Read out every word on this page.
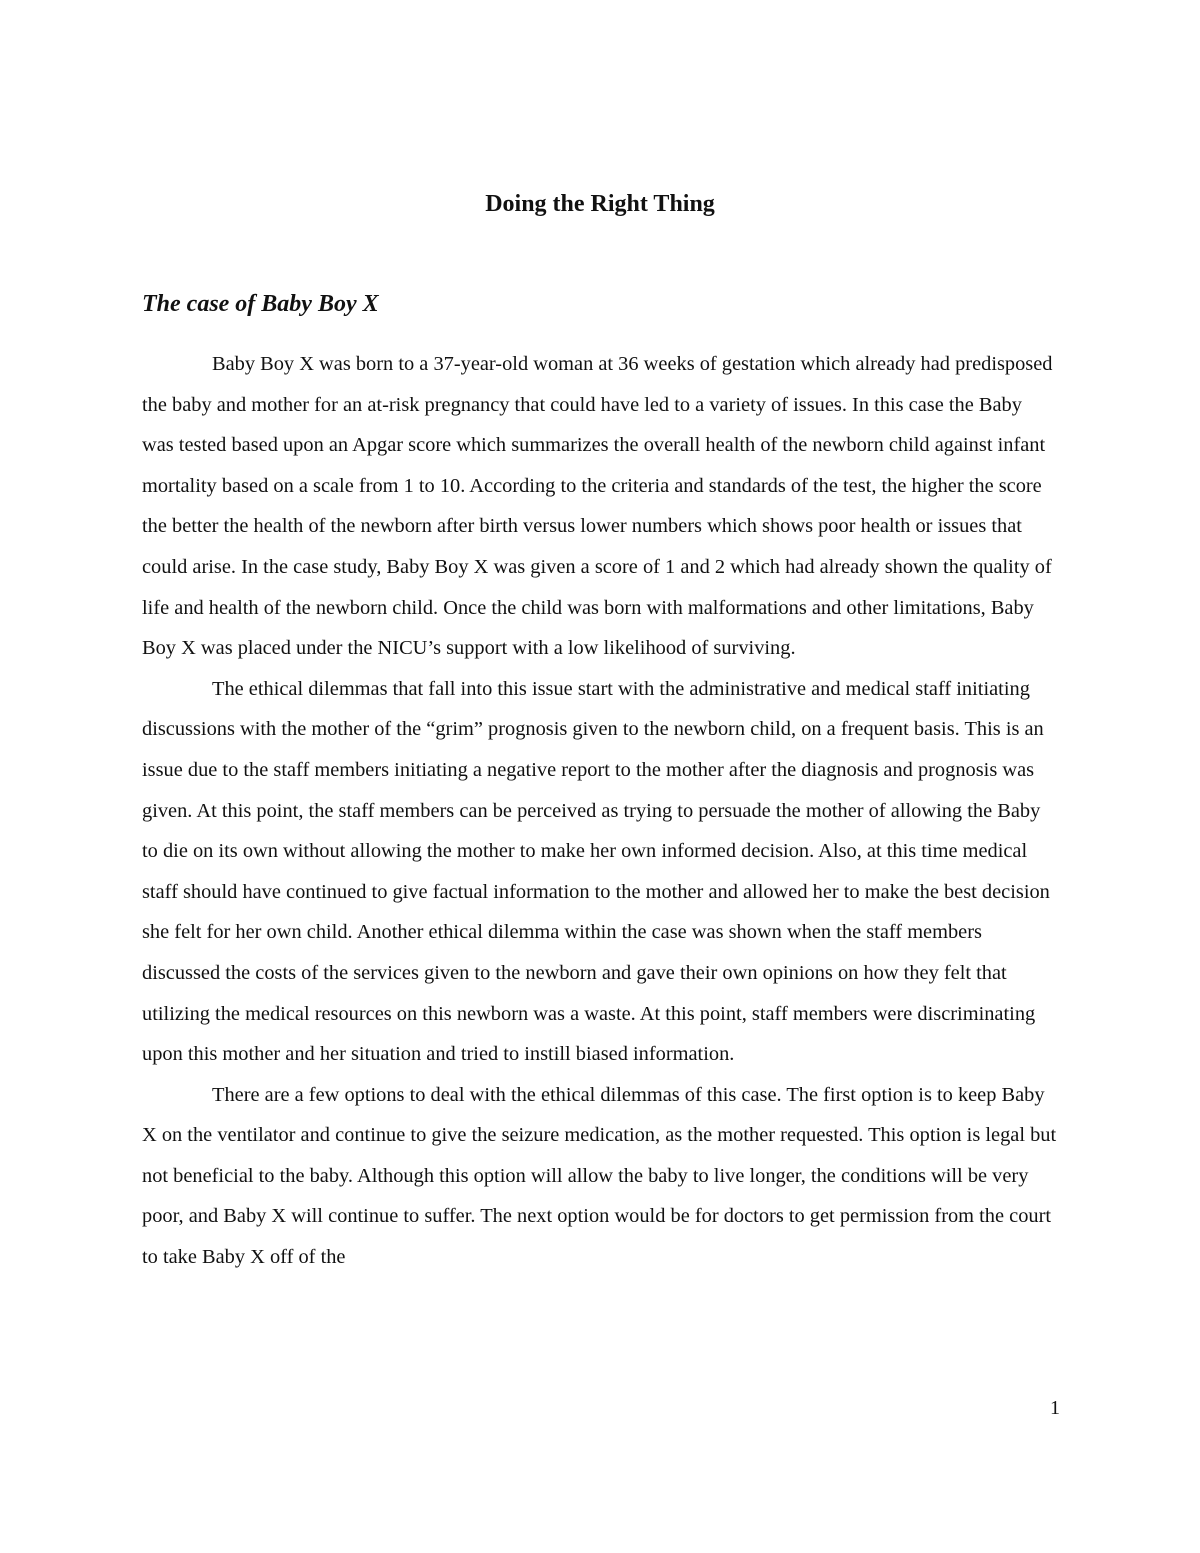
Doing the Right Thing
The case of Baby Boy X

Baby Boy X was born to a 37-year-old woman at 36 weeks of gestation which already had predisposed the baby and mother for an at-risk pregnancy that could have led to a variety of issues. In this case the Baby was tested based upon an Apgar score which summarizes the overall health of the newborn child against infant mortality based on a scale from 1 to 10. According to the criteria and standards of the test, the higher the score the better the health of the newborn after birth versus lower numbers which shows poor health or issues that could arise. In the case study, Baby Boy X was given a score of 1 and 2 which had already shown the quality of life and health of the newborn child. Once the child was born with malformations and other limitations, Baby Boy X was placed under the NICU’s support with a low likelihood of surviving.

The ethical dilemmas that fall into this issue start with the administrative and medical staff initiating discussions with the mother of the “grim” prognosis given to the newborn child, on a frequent basis. This is an issue due to the staff members initiating a negative report to the mother after the diagnosis and prognosis was given. At this point, the staff members can be perceived as trying to persuade the mother of allowing the Baby to die on its own without allowing the mother to make her own informed decision. Also, at this time medical staff should have continued to give factual information to the mother and allowed her to make the best decision she felt for her own child. Another ethical dilemma within the case was shown when the staff members discussed the costs of the services given to the newborn and gave their own opinions on how they felt that utilizing the medical resources on this newborn was a waste. At this point, staff members were discriminating upon this mother and her situation and tried to instill biased information.

There are a few options to deal with the ethical dilemmas of this case. The first option is to keep Baby X on the ventilator and continue to give the seizure medication, as the mother requested. This option is legal but not beneficial to the baby. Although this option will allow the baby to live longer, the conditions will be very poor, and Baby X will continue to suffer. The next option would be for doctors to get permission from the court to take Baby X off of the

1
